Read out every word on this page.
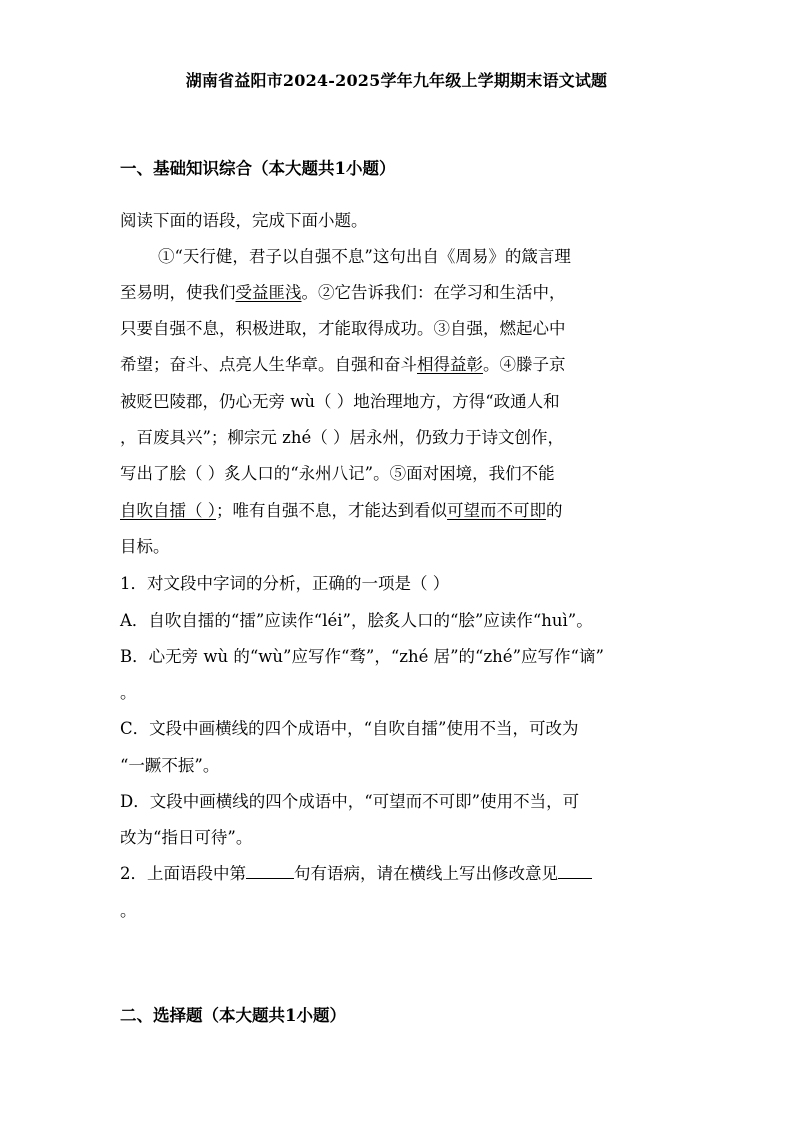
湖南省益阳市2024-2025学年九年级上学期期末语文试题
一、基础知识综合（本大题共1小题）
阅读下面的语段，完成下面小题。
①“天行健，君子以自强不息”这句出自《周易》的箴言理
至易明，使我们受益匪浅。②它告诉我们：在学习和生活中，
只要自强不息，积极进取，才能取得成功。③自强，燃起心中
希望；奋斗、点亮人生华章。自强和奋斗相得益彰。④滕子京
被贬巴陵郡，仍心无旁 wù（ ）地治理地方，方得“政通人和
，百废具兴”；柳宗元 zhé（ ）居永州，仍致力于诗文创作，
写出了脍（ ）炙人口的“永州八记”。⑤面对困境，我们不能
自吹自擂（ ）；唯有自强不息，才能达到看似可望而不可即的
目标。
1．对文段中字词的分析，正确的一项是（ ）
A．自吹自擂的“擂”应读作“léi”，脍炙人口的“脍”应读作“huì”。
B．心无旁 wù 的“wù”应写作“骛”，“zhé 居”的“zhé”应写作“谪”
。
C．文段中画横线的四个成语中，“自吹自擂”使用不当，可改为
“一蹶不振”。
D．文段中画横线的四个成语中，“可望而不可即”使用不当，可
改为“指日可待”。
2．上面语段中第	句有语病，请在横线上写出修改意见
。
二、选择题（本大题共1小题）
